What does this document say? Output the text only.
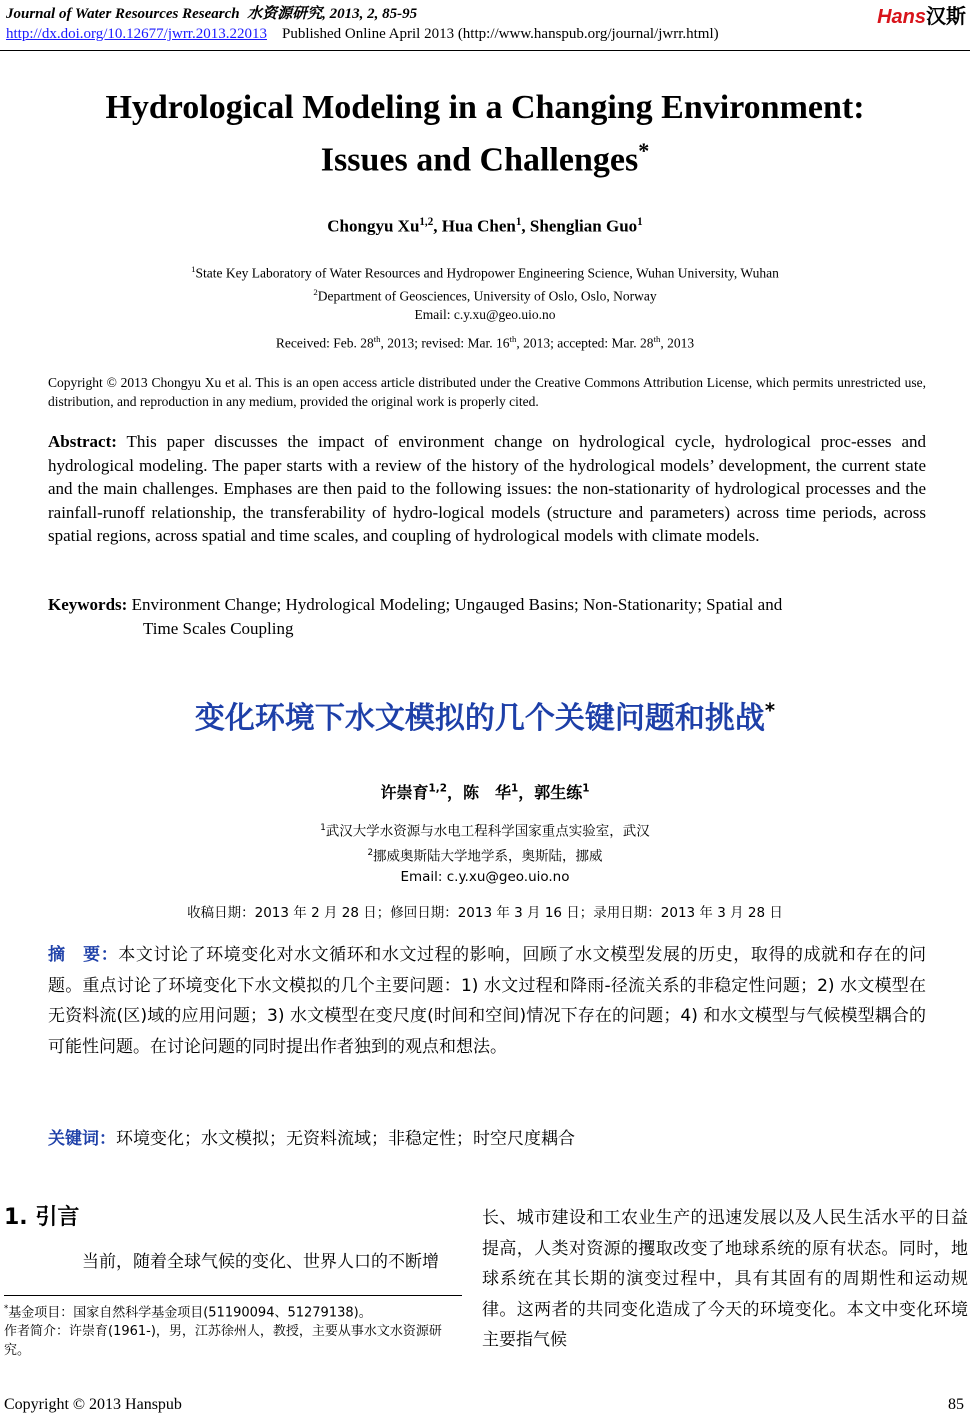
Journal of Water Resources Research 水资源研究, 2013, 2, 85-95
http://dx.doi.org/10.12677/jwrr.2013.22013 Published Online April 2013 (http://www.hanspub.org/journal/jwrr.html)
Hans汉斯
Hydrological Modeling in a Changing Environment:
Issues and Challenges*
Chongyu Xu$^{1,2}$, Hua Chen$^1$, Shenglian Guo$^1$
$^1$State Key Laboratory of Water Resources and Hydropower Engineering Science, Wuhan University, Wuhan
$^2$Department of Geosciences, University of Oslo, Oslo, Norway
Email: c.y.xu@geo.uio.no
Received: Feb. 28th, 2013; revised: Mar. 16th, 2013; accepted: Mar. 28th, 2013
Copyright © 2013 Chongyu Xu et al. This is an open access article distributed under the Creative Commons Attribution License, which permits unrestricted use, distribution, and reproduction in any medium, provided the original work is properly cited.
Abstract: This paper discusses the impact of environment change on hydrological cycle, hydrological proc-esses and hydrological modeling. The paper starts with a review of the history of the hydrological models’ development, the current state and the main challenges. Emphases are then paid to the following issues: the non-stationarity of hydrological processes and the rainfall-runoff relationship, the transferability of hydro-logical models (structure and parameters) across time periods, across spatial regions, across spatial and time scales, and coupling of hydrological models with climate models.
Keywords: Environment Change; Hydrological Modeling; Ungauged Basins; Non-Stationarity; Spatial and
Time Scales Coupling
变化环境下水文模拟的几个关键问题和挑战*
许崇育$^{1,2}$，陈　华$^1$，郭生练$^1$
$^1$武汉大学水资源与水电工程科学国家重点实验室，武汉
$^2$挪威奥斯陆大学地学系，奥斯陆，挪威
Email: c.y.xu@geo.uio.no
收稿日期：2013 年 2 月 28 日；修回日期：2013 年 3 月 16 日；录用日期：2013 年 3 月 28 日
摘　要：本文讨论了环境变化对水文循环和水文过程的影响，回顾了水文模型发展的历史，取得的成就和存在的问题。重点讨论了环境变化下水文模拟的几个主要问题：1) 水文过程和降雨-径流关系的非稳定性问题；2) 水文模型在无资料流(区)域的应用问题；3) 水文模型在变尺度(时间和空间)情况下存在的问题；4) 和水文模型与气候模型耦合的可能性问题。在讨论问题的同时提出作者独到的观点和想法。
关键词：环境变化；水文模拟；无资料流域；非稳定性；时空尺度耦合
1. 引言
当前，随着全球气候的变化、世界人口的不断增
*基金项目：国家自然科学基金项目(51190094、51279138)。
作者简介：许崇育(1961-)，男，江苏徐州人，教授，主要从事水文水资源研究。
长、城市建设和工农业生产的迅速发展以及人民生活水平的日益提高，人类对资源的攫取改变了地球系统的原有状态。同时，地球系统在其长期的演变过程中，具有其固有的周期性和运动规律。这两者的共同变化造成了今天的环境变化。本文中变化环境主要指气候
Copyright © 2013 Hanspub	85
